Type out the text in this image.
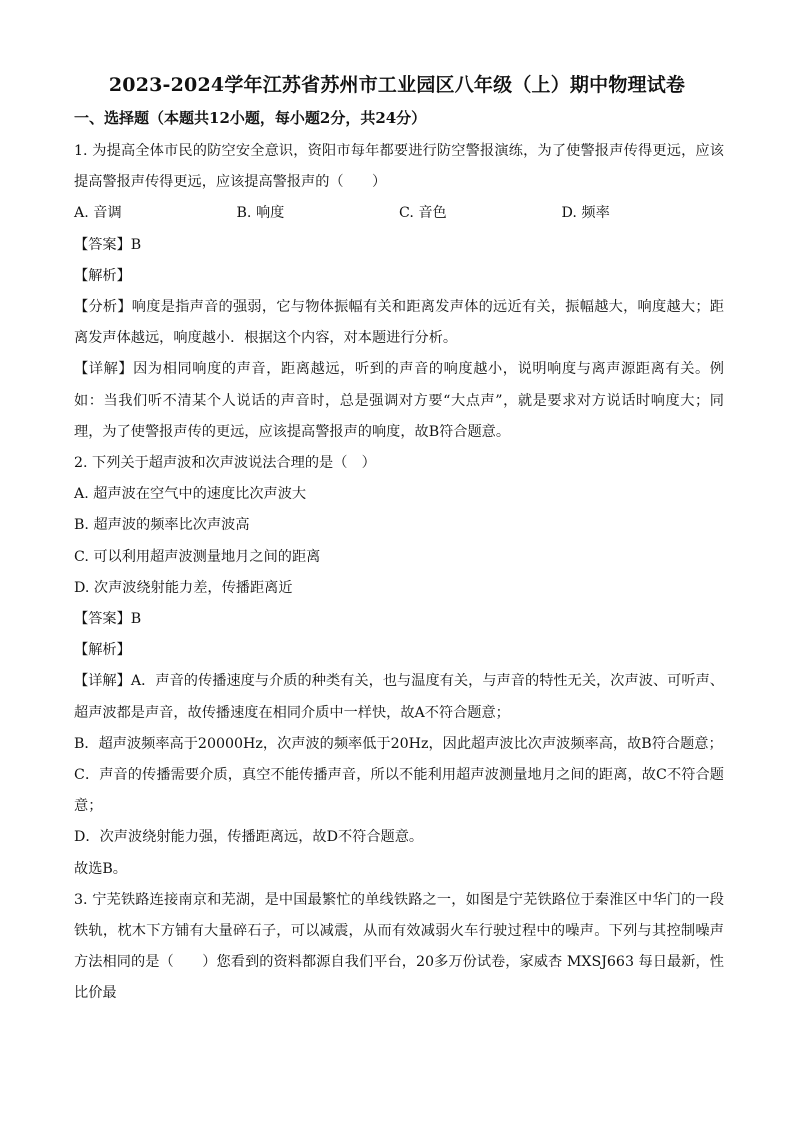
2023-2024学年江苏省苏州市工业园区八年级（上）期中物理试卷
一、选择题（本题共12小题，每小题2分，共24分）

1. 为提高全体市民的防空安全意识，资阳市每年都要进行防空警报演练，为了使警报声传得更远，应该提高警报声传得更远，应该提高警报声的（　　）

A. 音调	B. 响度	C. 音色	D. 频率

【答案】B

【解析】

【分析】响度是指声音的强弱，它与物体振幅有关和距离发声体的远近有关，振幅越大，响度越大；距离发声体越远，响度越小．根据这个内容，对本题进行分析。

【详解】因为相同响度的声音，距离越远，听到的声音的响度越小，说明响度与离声源距离有关。例如：当我们听不清某个人说话的声音时，总是强调对方要“大点声”，就是要求对方说话时响度大；同理，为了使警报声传的更远，应该提高警报声的响度，故B符合题意。

2. 下列关于超声波和次声波说法合理的是（　）

A. 超声波在空气中的速度比次声波大

B. 超声波的频率比次声波高

C. 可以利用超声波测量地月之间的距离

D. 次声波绕射能力差，传播距离近

【答案】B

【解析】

【详解】A．声音的传播速度与介质的种类有关，也与温度有关，与声音的特性无关，次声波、可听声、超声波都是声音，故传播速度在相同介质中一样快，故A不符合题意；

B．超声波频率高于20000Hz，次声波的频率低于20Hz，因此超声波比次声波频率高，故B符合题意；

C．声音的传播需要介质，真空不能传播声音，所以不能利用超声波测量地月之间的距离，故C不符合题意；

D．次声波绕射能力强，传播距离远，故D不符合题意。

故选B。

3. 宁芜铁路连接南京和芜湖，是中国最繁忙的单线铁路之一，如图是宁芜铁路位于秦淮区中华门的一段铁轨，枕木下方铺有大量碎石子，可以减震，从而有效减弱火车行驶过程中的噪声。下列与其控制噪声方法相同的是（　　）您看到的资料都源自我们平台，20多万份试卷，家威杏 MXSJ663 每日最新，性比价最
